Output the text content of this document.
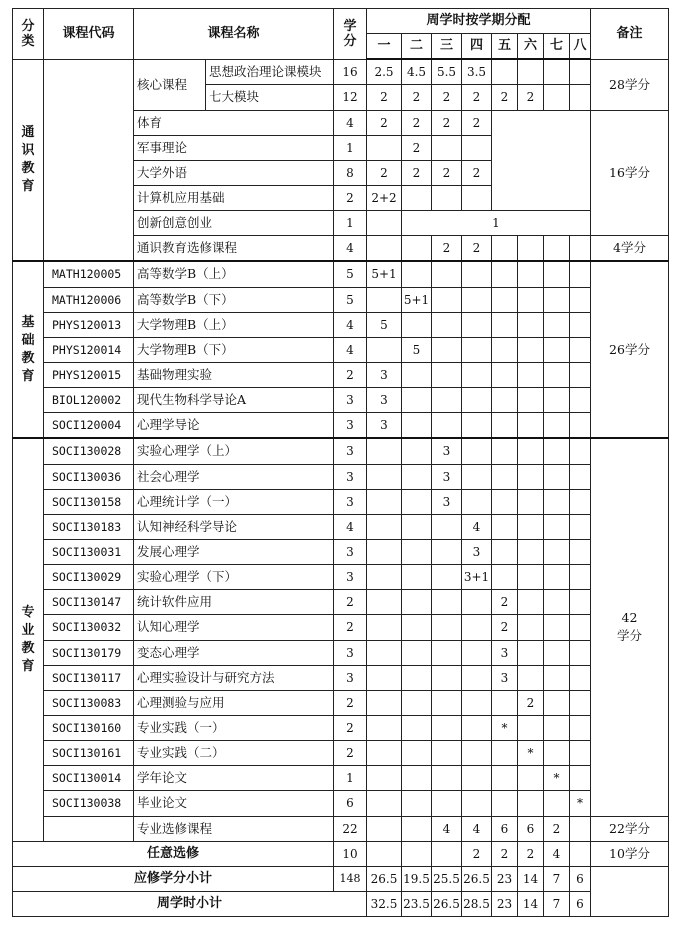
分类	课程代码	课程名称		学分	周学时按学期分配								备注
					一	二	三	四	五	六	七	八	
通识教育		核心课程	思想政治理论课模块	16	2.5	4.5	5.5	3.5					28学分
			七大模块	12	2	2	2	2	2	2			
		体育		4	2	2	2	2					16学分
		军事理论		1		2							
		大学外语		8	2	2	2	2					
		计算机应用基础		2	2+2								
		创新创意创业		1		1							
		通识教育选修课程		4			2	2					4学分
基础教育	MATH120005	高等数学B（上）		5	5+1								26学分
	MATH120006	高等数学B（下）		5		5+1							
	PHYS120013	大学物理B（上）		4	5								
	PHYS120014	大学物理B（下）		4		5							
	PHYS120015	基础物理实验		2	3								
	BIOL120002	现代生物科学导论A		3	3								
	SOCI120004	心理学导论		3	3								
专业教育	SOCI130028	实验心理学（上）		3			3						42
学分
	SOCI130036	社会心理学		3			3						
	SOCI130158	心理统计学（一）		3			3						
	SOCI130183	认知神经科学导论		4				4					
	SOCI130031	发展心理学		3				3					
	SOCI130029	实验心理学（下）		3				3+1					
	SOCI130147	统计软件应用		2					2				
	SOCI130032	认知心理学		2					2				
	SOCI130179	变态心理学		3					3				
	SOCI130117	心理实验设计与研究方法		3					3				
	SOCI130083	心理测验与应用		2						2			
	SOCI130160	专业实践（一）		2					*				
	SOCI130161	专业实践（二）		2						*			
	SOCI130014	学年论文		1							*		
	SOCI130038	毕业论文		6								*	
		专业选修课程		22			4	4	6	6	2		22学分
任意选修				10				2	2	2	4		10学分
应修学分小计				148	26.5	19.5	25.5	26.5	23	14	7	6	
周学时小计					32.5	23.5	26.5	28.5	23	14	7	6	
